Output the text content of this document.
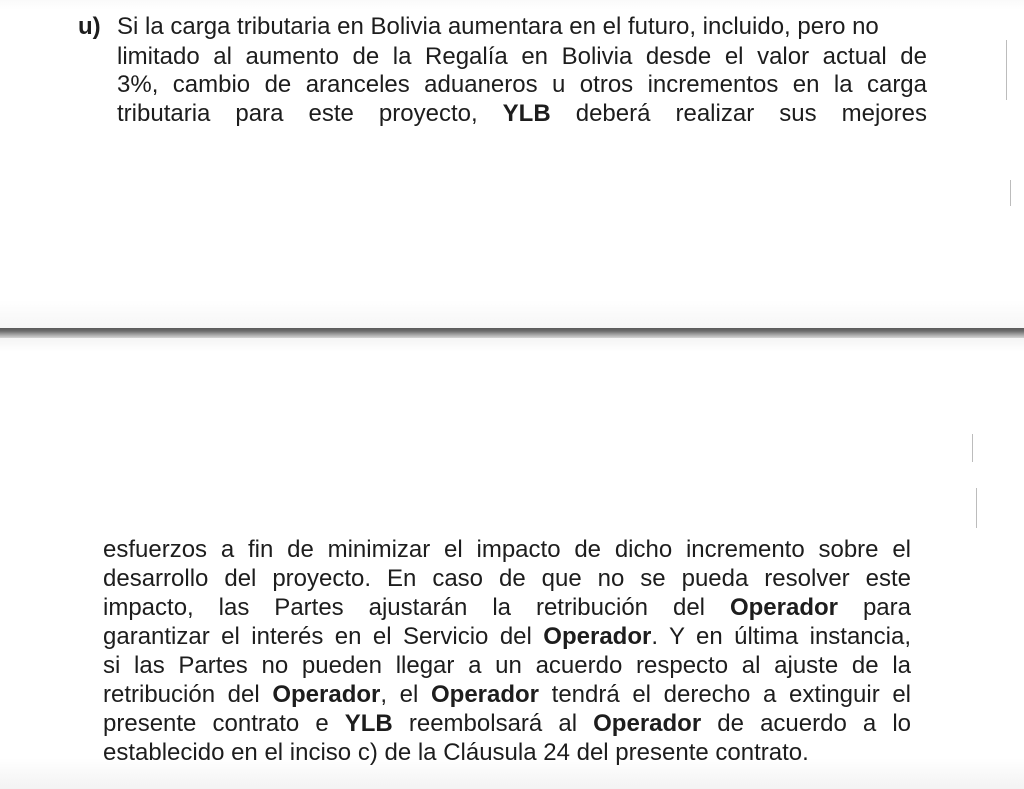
u) Si la carga tributaria en Bolivia aumentara en el futuro, incluido, pero no
limitado al aumento de la Regalía en Bolivia desde el valor actual de
3%, cambio de aranceles aduaneros u otros incrementos en la carga
tributaria para este proyecto, YLB deberá realizar sus mejores
esfuerzos a fin de minimizar el impacto de dicho incremento sobre el
desarrollo del proyecto. En caso de que no se pueda resolver este
impacto, las Partes ajustarán la retribución del Operador para
garantizar el interés en el Servicio del Operador. Y en última instancia,
si las Partes no pueden llegar a un acuerdo respecto al ajuste de la
retribución del Operador, el Operador tendrá el derecho a extinguir el
presente contrato e YLB reembolsará al Operador de acuerdo a lo
establecido en el inciso c) de la Cláusula 24 del presente contrato.
